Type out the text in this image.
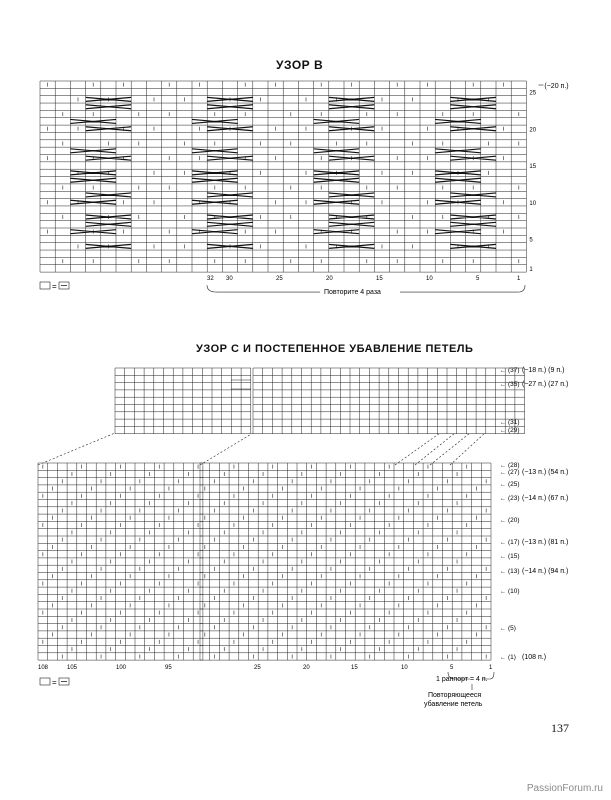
УЗОР В
УЗОР С И ПОСТЕПЕННОЕ УБАВЛЕНИЕ ПЕТЕЛЬ
137
PassionForum.ru
25
20
15
10
5
1
(−20 п.)
32 30	25	20	15	10	5	1
Повторите 4 раза
=
← (37) (−18 п.) (9 п.)
← (35) (−27 п.) (27 п.)
← (31)
← (29)
← (28)
← (27) (−13 п.) (54 п.)
← (25)
← (23) (−14 п.) (67 п.)
← (20)
← (17) (−13 п.) (81 п.)
← (15)
← (13) (−14 п.) (94 п.)
← (10)
← (5)
← (1) (108 п.)
108	105	100	95	25	20	15	10	5	1
1 раппорт = 4 п.
Повторяющееся
убавление петель
=
